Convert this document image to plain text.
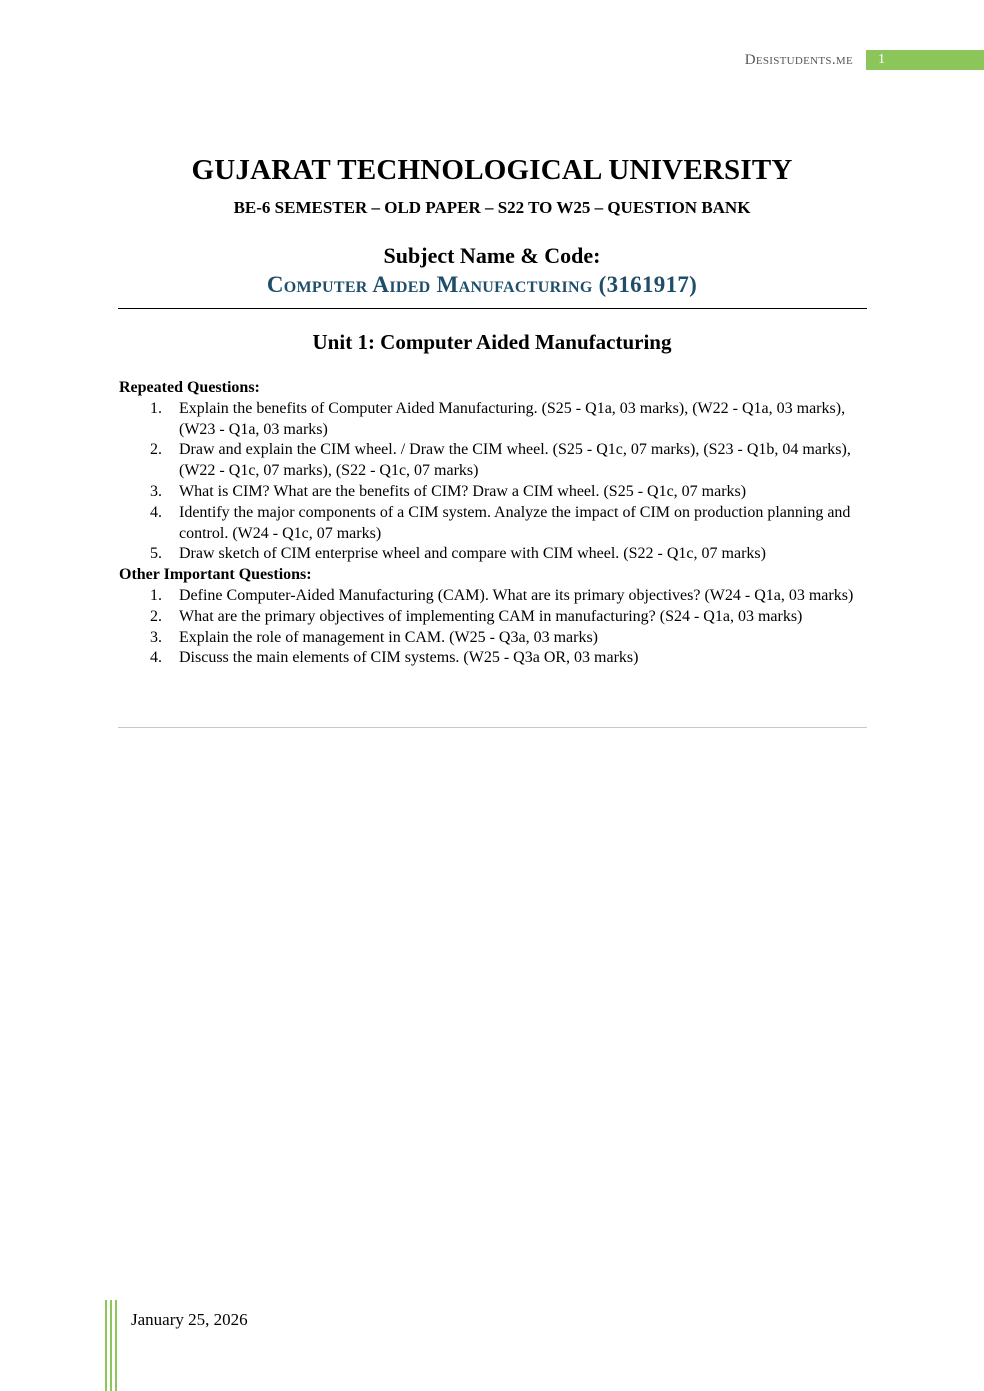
Desistudents.me	1
GUJARAT TECHNOLOGICAL UNIVERSITY
BE-6 SEMESTER – OLD PAPER – S22 TO W25 – QUESTION BANK
Subject Name & Code:
Computer Aided Manufacturing (3161917)
Unit 1: Computer Aided Manufacturing
Repeated Questions:
1. Explain the benefits of Computer Aided Manufacturing. (S25 - Q1a, 03 marks), (W22 - Q1a, 03 marks), (W23 - Q1a, 03 marks)
2. Draw and explain the CIM wheel. / Draw the CIM wheel. (S25 - Q1c, 07 marks), (S23 - Q1b, 04 marks), (W22 - Q1c, 07 marks), (S22 - Q1c, 07 marks)
3. What is CIM? What are the benefits of CIM? Draw a CIM wheel. (S25 - Q1c, 07 marks)
4. Identify the major components of a CIM system. Analyze the impact of CIM on production planning and control. (W24 - Q1c, 07 marks)
5. Draw sketch of CIM enterprise wheel and compare with CIM wheel. (S22 - Q1c, 07 marks)
Other Important Questions:
1. Define Computer-Aided Manufacturing (CAM). What are its primary objectives? (W24 - Q1a, 03 marks)
2. What are the primary objectives of implementing CAM in manufacturing? (S24 - Q1a, 03 marks)
3. Explain the role of management in CAM. (W25 - Q3a, 03 marks)
4. Discuss the main elements of CIM systems. (W25 - Q3a OR, 03 marks)
January 25, 2026
